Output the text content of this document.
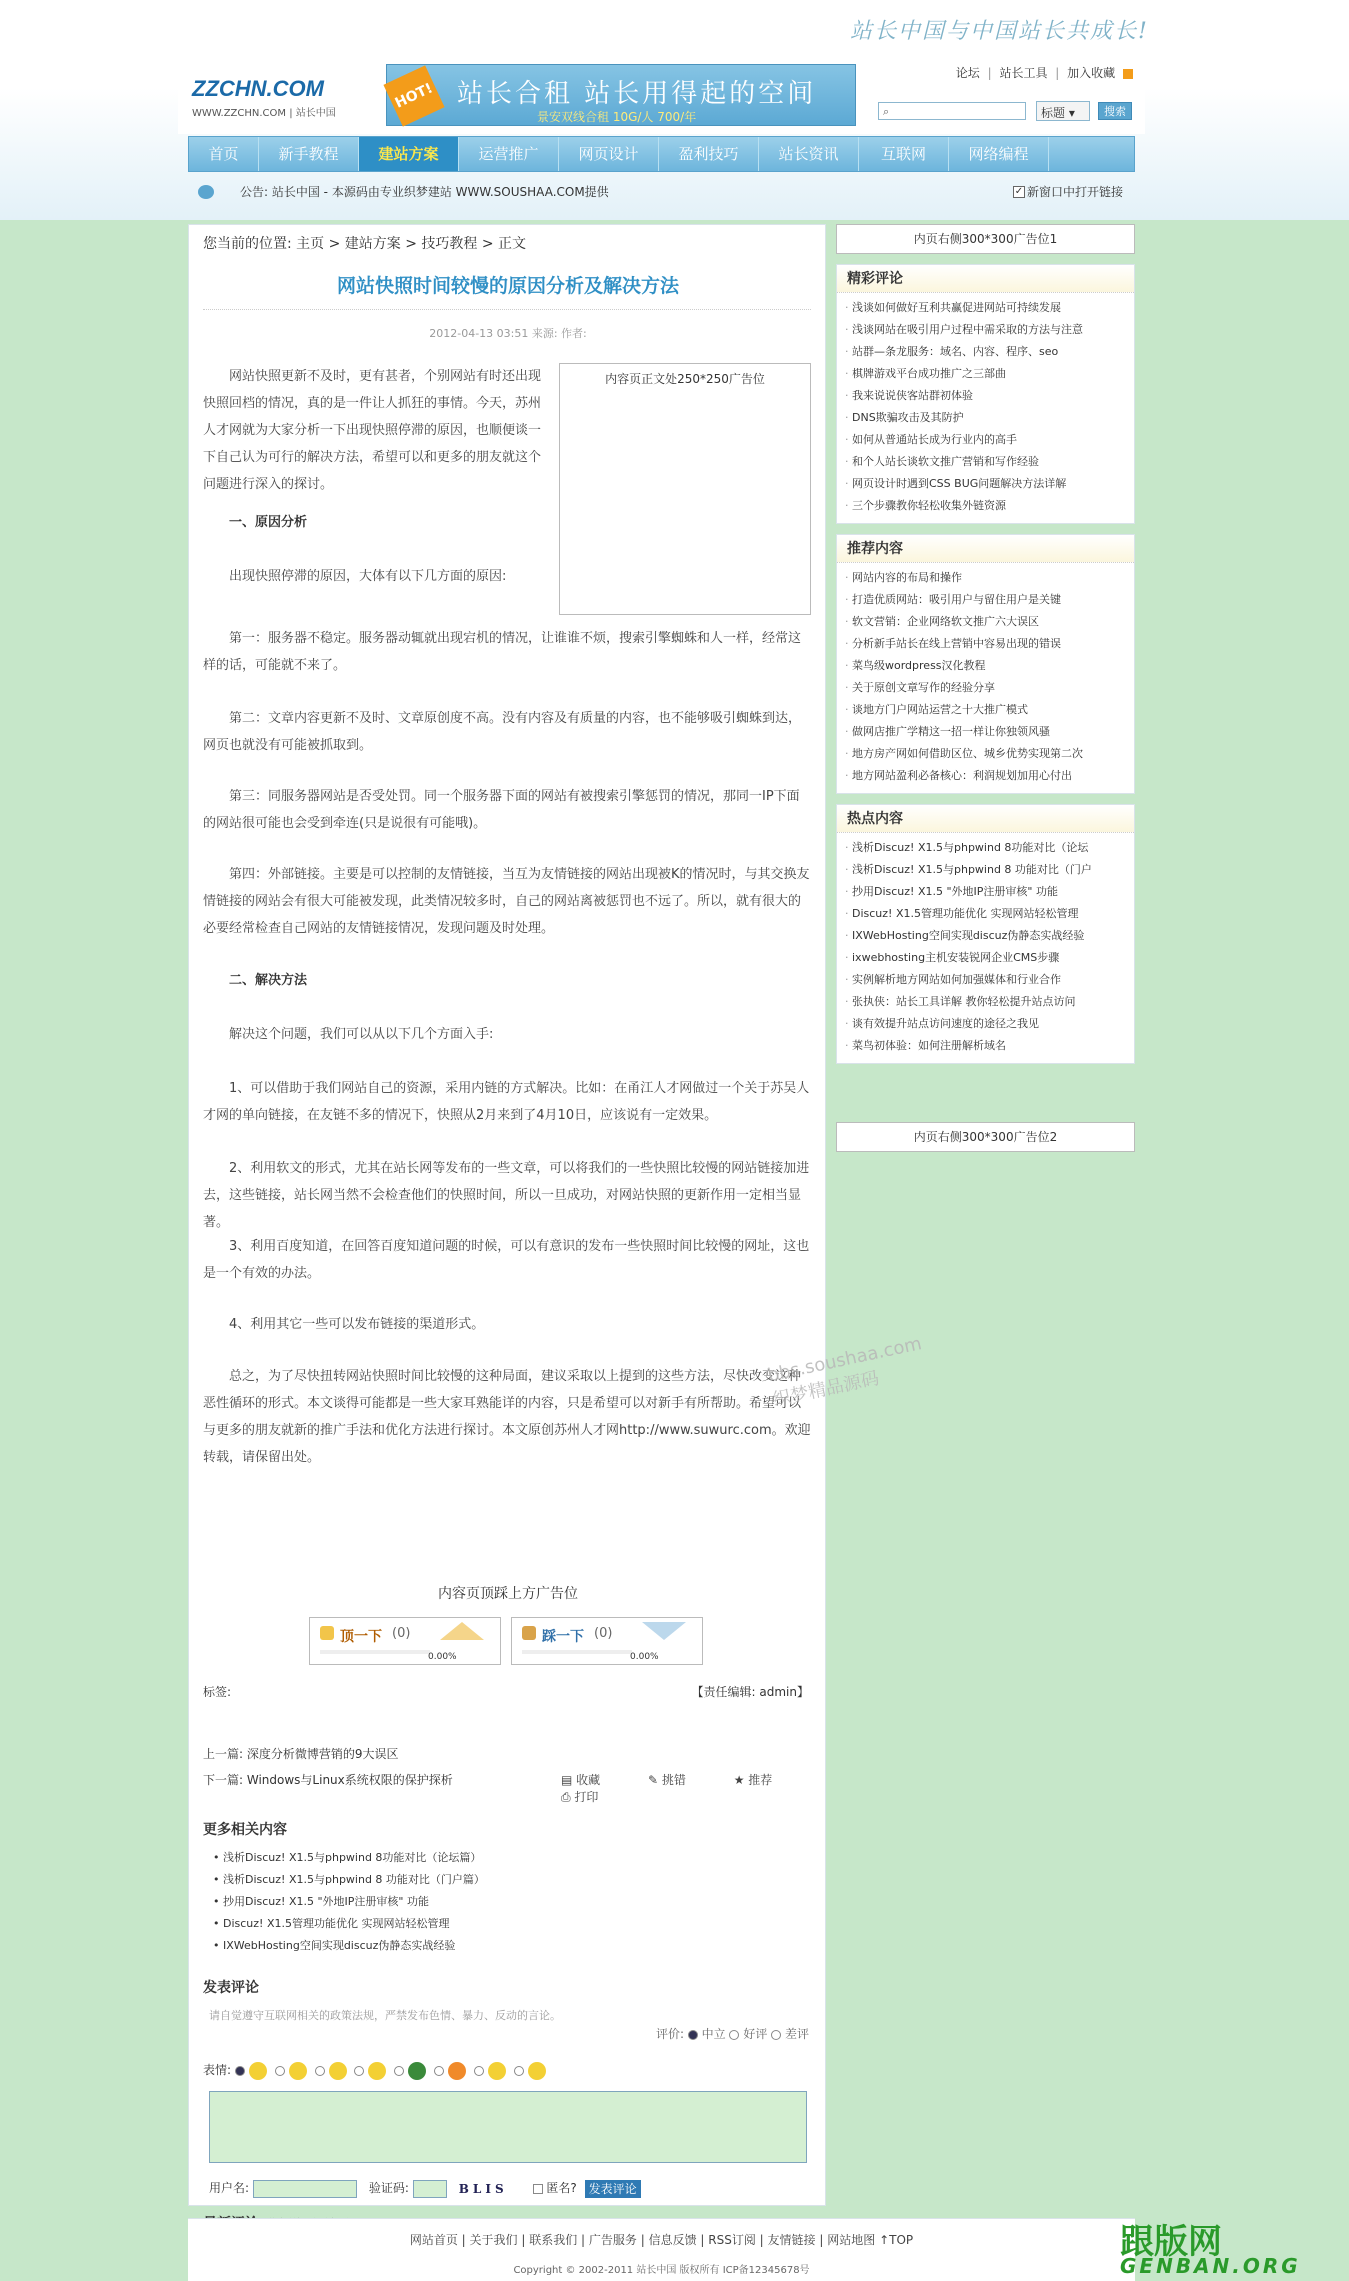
站长中国与中国站长共成长!
ZZCHN.COM
WWW.ZZCHN.COM | 站长中国
HOT! 站长合租 站长用得起的空间
景安双线合租 10G/人 700/年
论坛 | 站长工具 | 加入收藏
⌕	标题 ▾	搜索
首页	新手教程	建站方案	运营推广	网页设计	盈利技巧	站长资讯	互联网	网络编程
公告: 站长中国 - 本源码由专业织梦建站 WWW.SOUSHAA.COM提供	✓ 新窗口中打开链接
您当前的位置: 主页 > 建站方案 > 技巧教程 > 正文
网站快照时间较慢的原因分析及解决方法
2012-04-13 03:51 来源: 作者:
内容页正文处250*250广告位
网站快照更新不及时，更有甚者，个别网站有时还出现快照回档的情况，真的是一件让人抓狂的事情。今天，苏州人才网就为大家分析一下出现快照停滞的原因，也顺便谈一下自己认为可行的解决方法，希望可以和更多的朋友就这个问题进行深入的探讨。
一、原因分析
出现快照停滞的原因，大体有以下几方面的原因:
第一：服务器不稳定。服务器动辄就出现宕机的情况，让谁谁不烦，搜索引擎蜘蛛和人一样，经常这样的话，可能就不来了。
第二：文章内容更新不及时、文章原创度不高。没有内容及有质量的内容，也不能够吸引蜘蛛到达，网页也就没有可能被抓取到。
第三：同服务器网站是否受处罚。同一个服务器下面的网站有被搜索引擎惩罚的情况，那同一IP下面的网站很可能也会受到牵连(只是说很有可能哦)。
第四：外部链接。主要是可以控制的友情链接，当互为友情链接的网站出现被K的情况时，与其交换友情链接的网站会有很大可能被发现，此类情况较多时，自己的网站离被惩罚也不远了。所以，就有很大的必要经常检查自己网站的友情链接情况，发现问题及时处理。
二、解决方法
解决这个问题，我们可以从以下几个方面入手:
1、可以借助于我们网站自己的资源，采用内链的方式解决。比如：在甬江人才网做过一个关于苏吴人才网的单向链接，在友链不多的情况下，快照从2月来到了4月10日，应该说有一定效果。
2、利用软文的形式，尤其在站长网等发布的一些文章，可以将我们的一些快照比较慢的网站链接加进去，这些链接，站长网当然不会检查他们的快照时间，所以一旦成功，对网站快照的更新作用一定相当显著。
3、利用百度知道，在回答百度知道问题的时候，可以有意识的发布一些快照时间比较慢的网址，这也是一个有效的办法。
4、利用其它一些可以发布链接的渠道形式。
总之，为了尽快扭转网站快照时间比较慢的这种局面，建议采取以上提到的这些方法，尽快改变这种恶性循环的形式。本文谈得可能都是一些大家耳熟能详的内容，只是希望可以对新手有所帮助。希望可以与更多的朋友就新的推广手法和优化方法进行探讨。本文原创苏州人才网http://www.suwurc.com。欢迎转载，请保留出处。
bbs.soushaa.com 织梦精品源码
内容页顶踩上方广告位
顶一下 (0)
0.00%
踩一下 (0)
0.00%
标签:	【责任编辑: admin】
上一篇: 深度分析微博营销的9大误区
下一篇: Windows与Linux系统权限的保护探析	▤ 收藏	✎ 挑错	★ 推荐 ⎙ 打印
更多相关内容
• 浅析Discuz! X1.5与phpwind 8功能对比（论坛篇）
• 浅析Discuz! X1.5与phpwind 8 功能对比（门户篇）
• 抄用Discuz! X1.5 "外地IP注册审核" 功能
• Discuz! X1.5管理功能优化 实现网站轻松管理
• IXWebHosting空间实现discuz伪静态实战经验
发表评论
请自觉遵守互联网相关的政策法规，严禁发布色情、暴力、反动的言论。
评价: 中立 好评 差评
表情:
用户名:	验证码:	BLIS	匿名? 发表评论
内页右侧300*300广告位1
精彩评论
· 浅谈如何做好互利共赢促进网站可持续发展
· 浅谈网站在吸引用户过程中需采取的方法与注意
· 站群—条龙服务：域名、内容、程序、seo
· 棋牌游戏平台成功推广之三部曲
· 我来说说侠客站群初体验
· DNS欺骗攻击及其防护
· 如何从普通站长成为行业内的高手
· 和个人站长谈软文推广营销和写作经验
· 网页设计时遇到CSS BUG问题解决方法详解
· 三个步骤教你轻松收集外链资源
推荐内容
· 网站内容的布局和操作
· 打造优质网站：吸引用户与留住用户是关键
· 软文营销：企业网络软文推广六大误区
· 分析新手站长在线上营销中容易出现的错误
· 菜鸟级wordpress汉化教程
· 关于原创文章写作的经验分享
· 谈地方门户网站运营之十大推广模式
· 做网店推广学精这一招一样让你独领风骚
· 地方房产网如何借助区位、城乡优势实现第二次
· 地方网站盈利必备核心：利润规划加用心付出
热点内容
· 浅析Discuz! X1.5与phpwind 8功能对比（论坛
· 浅析Discuz! X1.5与phpwind 8 功能对比（门户
· 抄用Discuz! X1.5 "外地IP注册审核" 功能
· Discuz! X1.5管理功能优化 实现网站轻松管理
· IXWebHosting空间实现discuz伪静态实战经验
· ixwebhosting主机安装锐网企业CMS步骤
· 实例解析地方网站如何加强媒体和行业合作
· 张执侠：站长工具详解 教你轻松提升站点访问
· 谈有效提升站点访问速度的途径之我见
· 菜鸟初体验：如何注册解析域名
内页右侧300*300广告位2
网站首页 | 关于我们 | 联系我们 | 广告服务 | 信息反馈 | RSS订阅 | 友情链接 | 网站地图 ↑TOP
Copyright © 2002-2011 站长中国 版权所有 ICP备12345678号
跟版网
GENBAN.ORG
